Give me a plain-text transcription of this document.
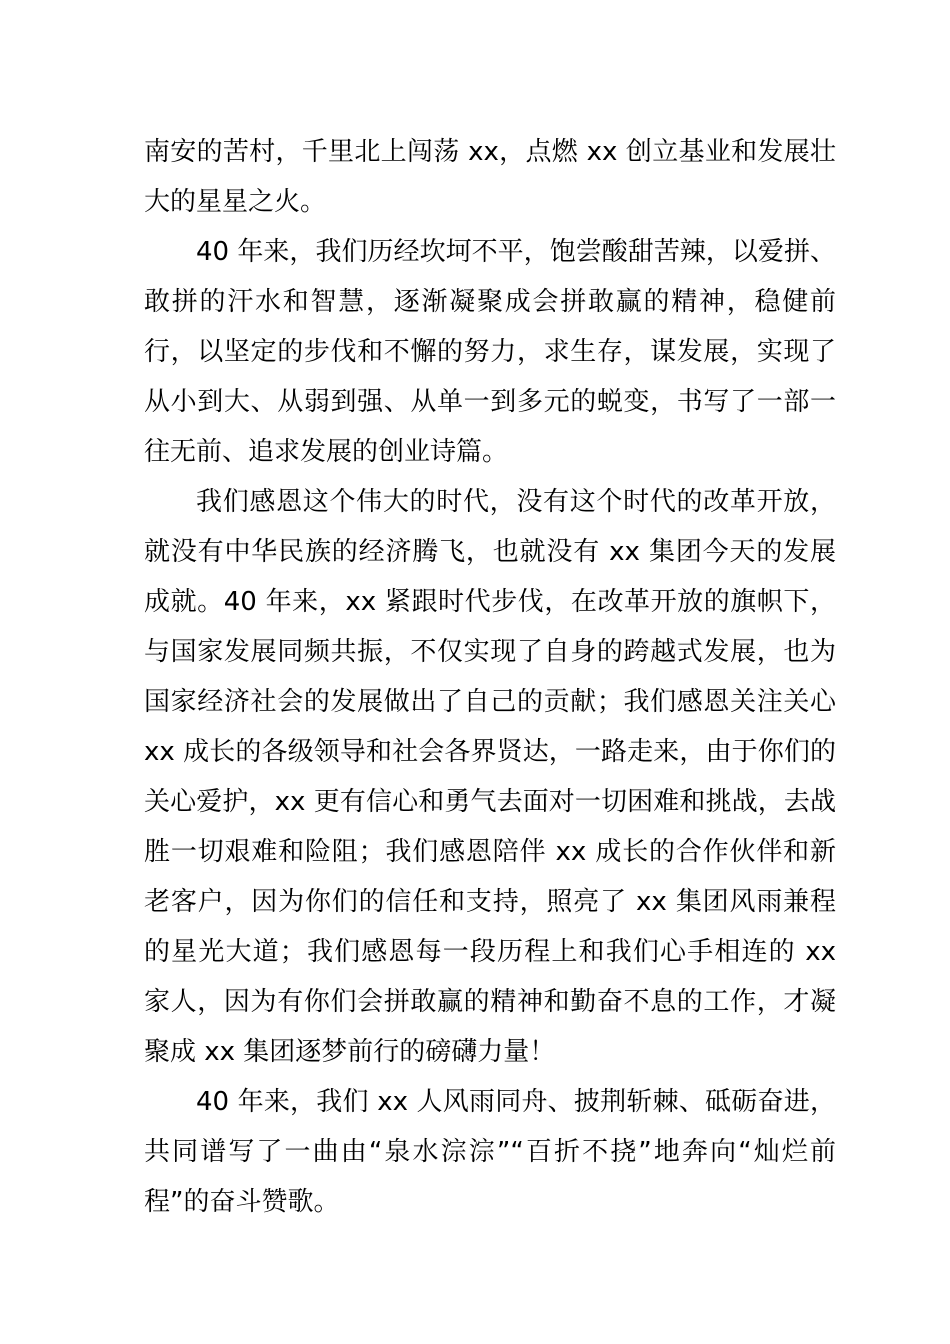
南安的苦村，千里北上闯荡 xx，点燃 xx 创立基业和发展壮大的星星之火。

40 年来，我们历经坎坷不平，饱尝酸甜苦辣，以爱拼、敢拼的汗水和智慧，逐渐凝聚成会拼敢赢的精神，稳健前行，以坚定的步伐和不懈的努力，求生存，谋发展，实现了从小到大、从弱到强、从单一到多元的蜕变，书写了一部一往无前、追求发展的创业诗篇。

我们感恩这个伟大的时代，没有这个时代的改革开放，就没有中华民族的经济腾飞，也就没有 xx 集团今天的发展成就。40 年来，xx 紧跟时代步伐，在改革开放的旗帜下，与国家发展同频共振，不仅实现了自身的跨越式发展，也为国家经济社会的发展做出了自己的贡献；我们感恩关注关心 xx 成长的各级领导和社会各界贤达，一路走来，由于你们的关心爱护，xx 更有信心和勇气去面对一切困难和挑战，去战胜一切艰难和险阻；我们感恩陪伴 xx 成长的合作伙伴和新老客户，因为你们的信任和支持，照亮了 xx 集团风雨兼程的星光大道；我们感恩每一段历程上和我们心手相连的 xx 家人，因为有你们会拼敢赢的精神和勤奋不息的工作，才凝聚成 xx 集团逐梦前行的磅礴力量！

40 年来，我们 xx 人风雨同舟、披荆斩棘、砥砺奋进，共同谱写了一曲由“泉水淙淙”“百折不挠”地奔向“灿烂前程”的奋斗赞歌。
